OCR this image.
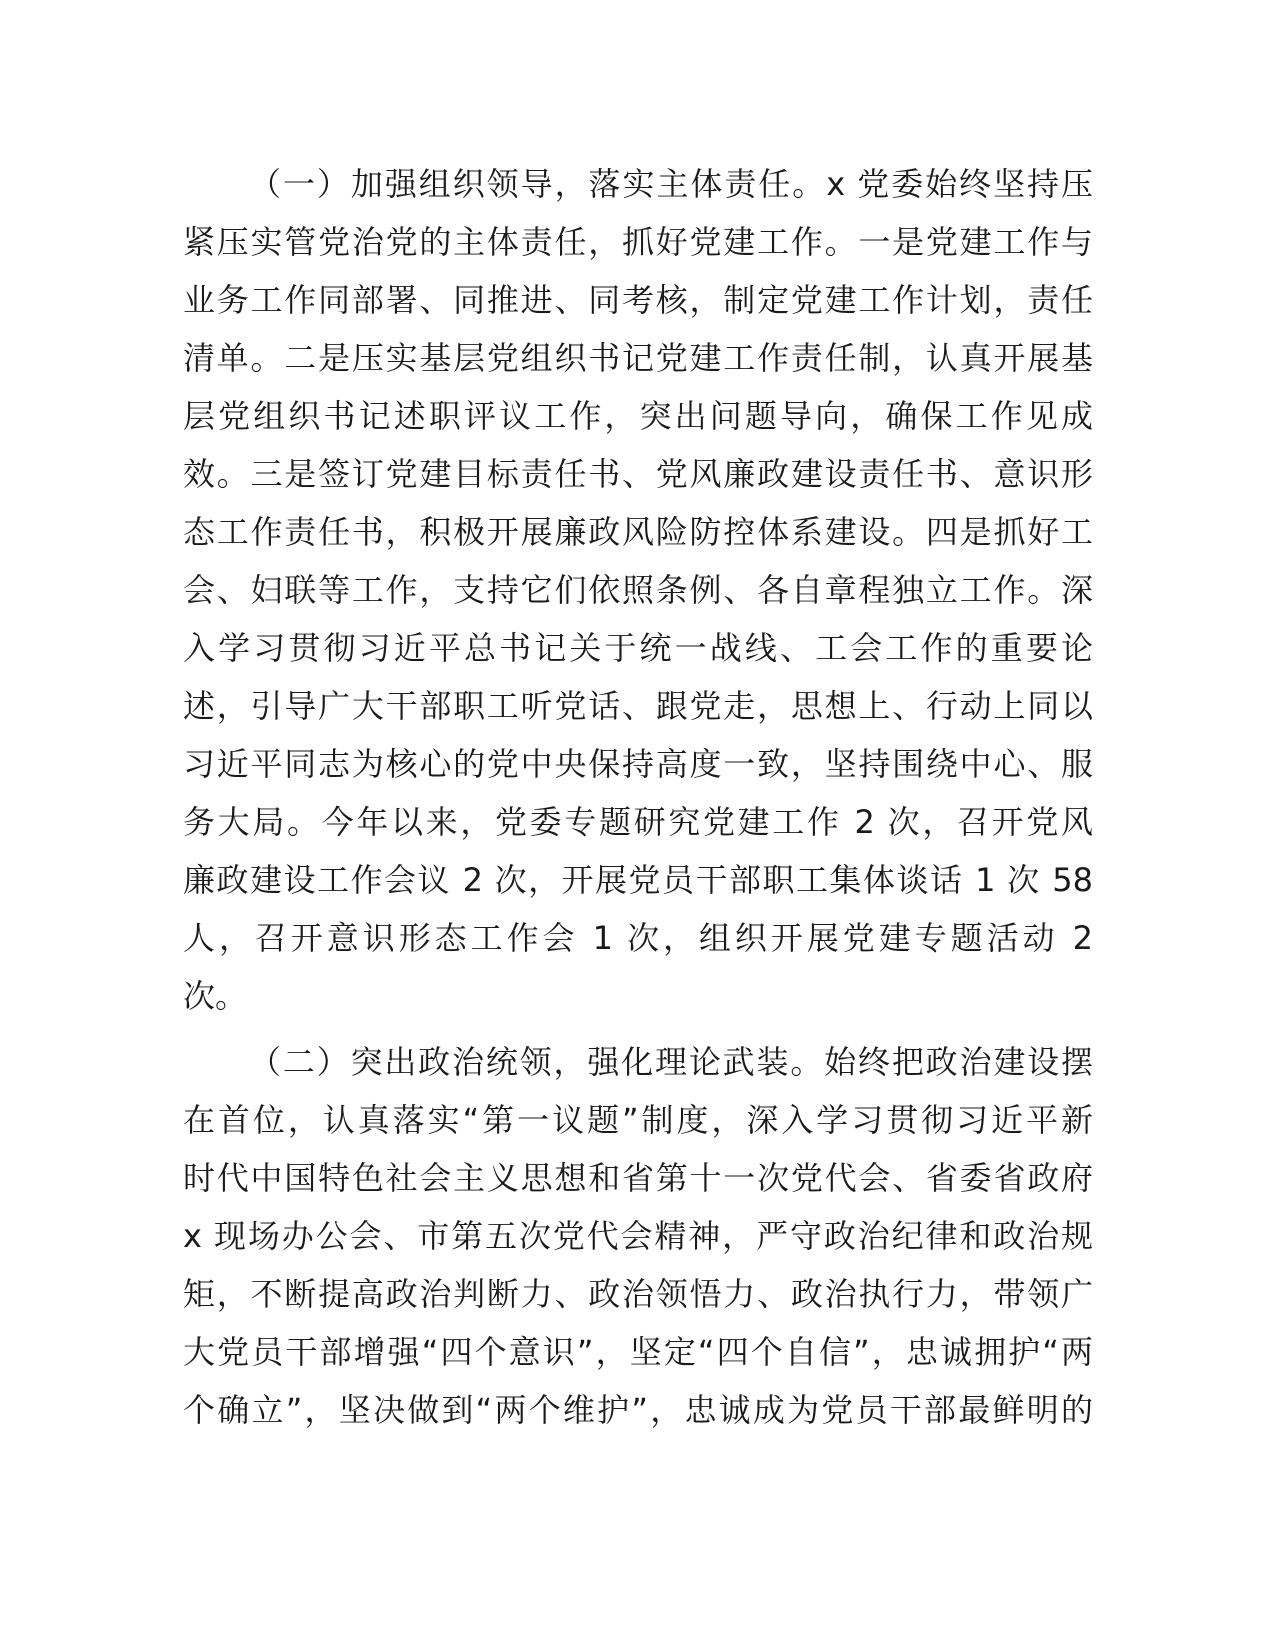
（一）加强组织领导，落实主体责任。x 党委始终坚持压
紧压实管党治党的主体责任，抓好党建工作。一是党建工作与
业务工作同部署、同推进、同考核，制定党建工作计划，责任
清单。二是压实基层党组织书记党建工作责任制，认真开展基
层党组织书记述职评议工作，突出问题导向，确保工作见成
效。三是签订党建目标责任书、党风廉政建设责任书、意识形
态工作责任书，积极开展廉政风险防控体系建设。四是抓好工
会、妇联等工作，支持它们依照条例、各自章程独立工作。深
入学习贯彻习近平总书记关于统一战线、工会工作的重要论
述，引导广大干部职工听党话、跟党走，思想上、行动上同以
习近平同志为核心的党中央保持高度一致，坚持围绕中心、服
务大局。今年以来，党委专题研究党建工作 2 次，召开党风
廉政建设工作会议 2 次，开展党员干部职工集体谈话 1 次 58
人，召开意识形态工作会 1 次，组织开展党建专题活动 2
次。
（二）突出政治统领，强化理论武装。始终把政治建设摆
在首位，认真落实“第一议题”制度，深入学习贯彻习近平新
时代中国特色社会主义思想和省第十一次党代会、省委省政府
x 现场办公会、市第五次党代会精神，严守政治纪律和政治规
矩，不断提高政治判断力、政治领悟力、政治执行力，带领广
大党员干部增强“四个意识”，坚定“四个自信”，忠诚拥护“两
个确立”，坚决做到“两个维护”，忠诚成为党员干部最鲜明的
